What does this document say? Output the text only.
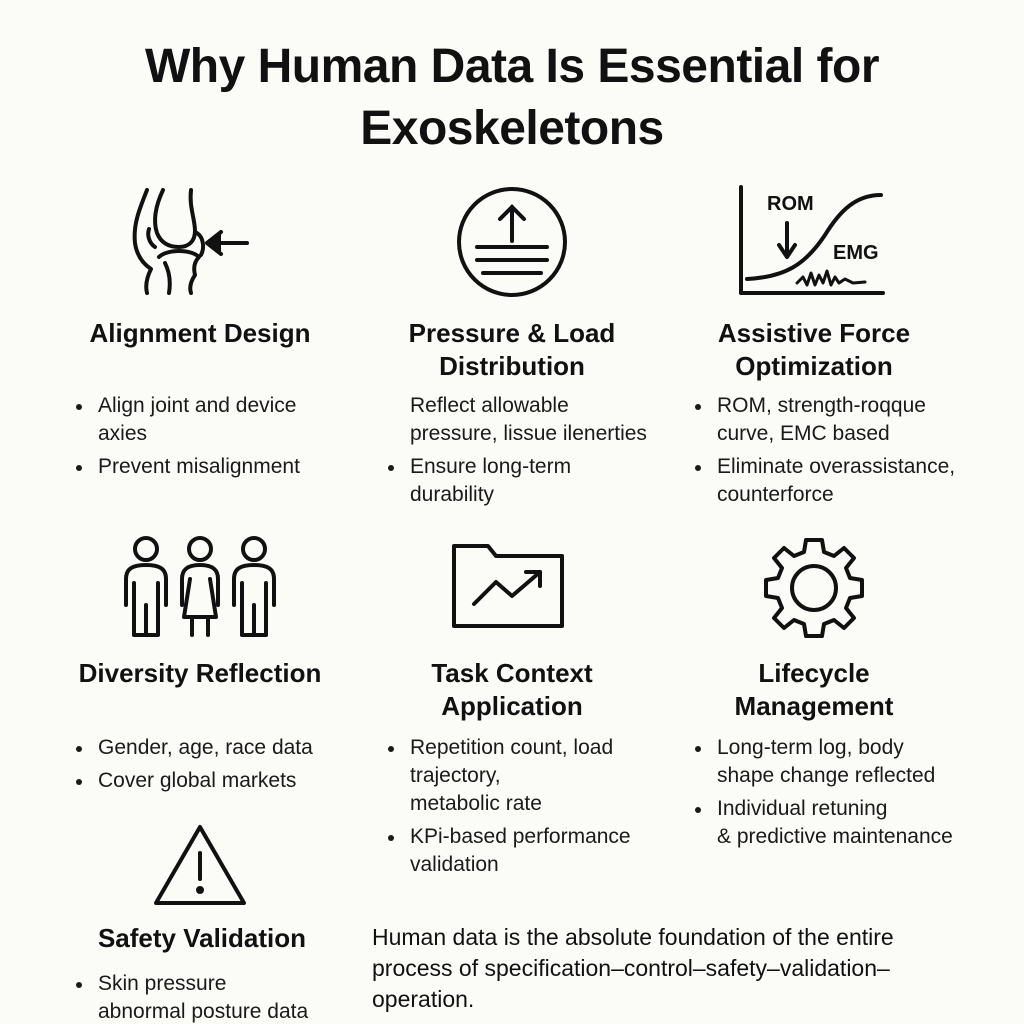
Why Human Data Is Essential for
Exoskeletons
Alignment Design
Align joint and device
axies
Prevent misalignment
Pressure & Load
Distribution
Reflect allowable
pressure, lissue ilenerties
Ensure long-term
durability
ROM
EMG
Assistive Force
Optimization
ROM, strength-roqque
curve, EMC based
Eliminate overassistance,
counterforce
Diversity Reflection
Gender, age, race data
Cover global markets
Task Context
Application
Repetition count, load
trajectory,
metabolic rate
KPi-based performance
validation
Lifecycle
Management
Long-term log, body
shape change reflected
Individual retuning
& predictive maintenance
Safety Validation
Skin pressure
abnormal posture data
Human data is the absolute foundation of the entire
process of specification–control–safety–validation–
operation.
